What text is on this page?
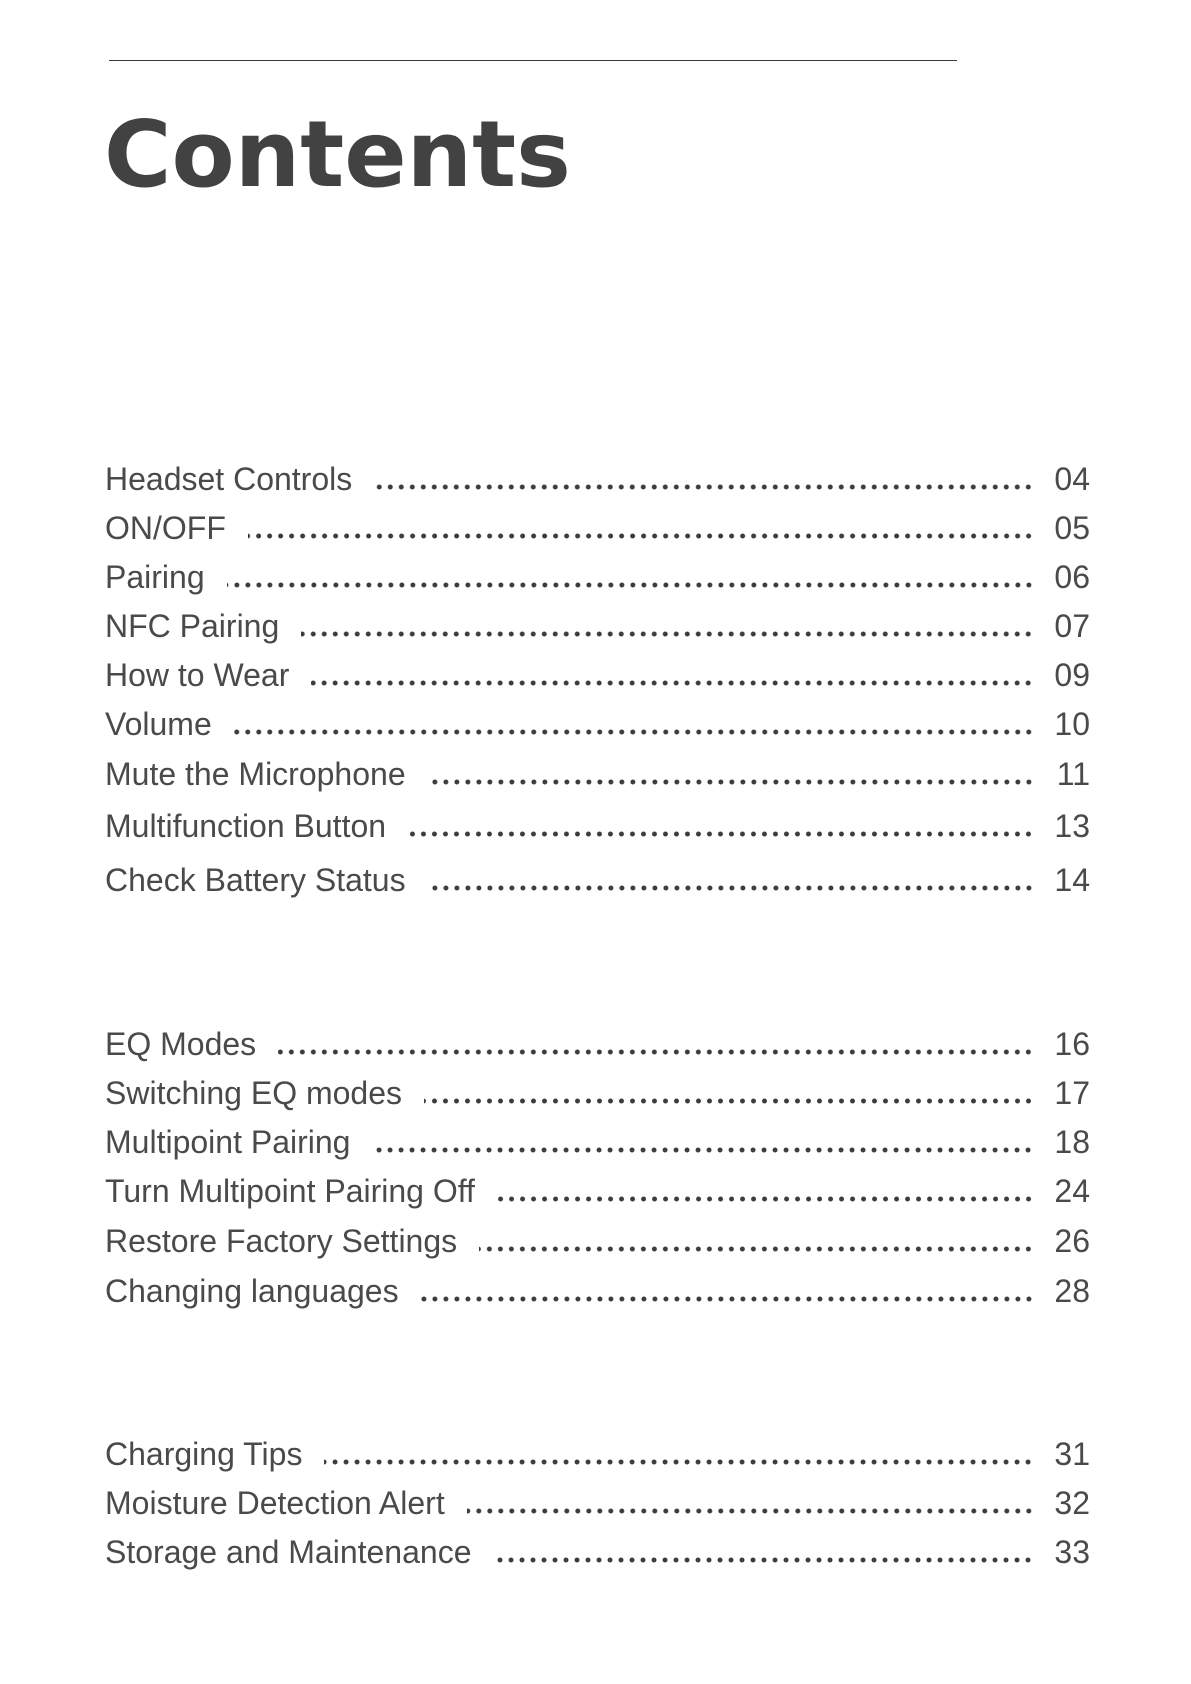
Contents
Headset Controls	04
ON/OFF	05
Pairing	06
NFC Pairing	07
How to Wear	09
Volume	10
Mute the Microphone	11
Multifunction Button	13
Check Battery Status	14
EQ Modes	16
Switching EQ modes	17
Multipoint Pairing	18
Turn Multipoint Pairing Off	24
Restore Factory Settings	26
Changing languages	28
Charging Tips	31
Moisture Detection Alert	32
Storage and Maintenance	33
